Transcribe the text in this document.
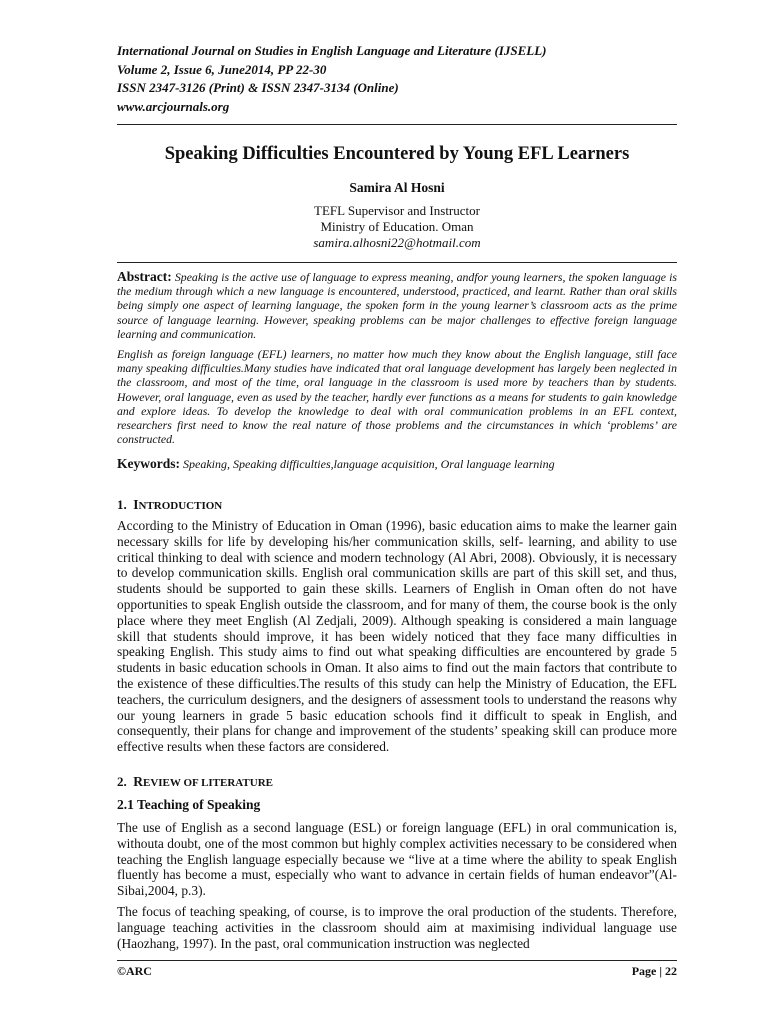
International Journal on Studies in English Language and Literature (IJSELL)
Volume 2, Issue 6, June2014, PP 22-30
ISSN 2347-3126 (Print) & ISSN 2347-3134 (Online)
www.arcjournals.org
Speaking Difficulties Encountered by Young EFL Learners
Samira Al Hosni
TEFL Supervisor and Instructor
Ministry of Education. Oman
samira.alhosni22@hotmail.com

Abstract: Speaking is the active use of language to express meaning, andfor young learners, the spoken language is the medium through which a new language is encountered, understood, practiced, and learnt. Rather than oral skills being simply one aspect of learning language, the spoken form in the young learner’s classroom acts as the prime source of language learning. However, speaking problems can be major challenges to effective foreign language learning and communication.

English as foreign language (EFL) learners, no matter how much they know about the English language, still face many speaking difficulties.Many studies have indicated that oral language development has largely been neglected in the classroom, and most of the time, oral language in the classroom is used more by teachers than by students. However, oral language, even as used by the teacher, hardly ever functions as a means for students to gain knowledge and explore ideas. To develop the knowledge to deal with oral communication problems in an EFL context, researchers first need to know the real nature of those problems and the circumstances in which ‘problems’ are constructed.

Keywords: Speaking, Speaking difficulties,language acquisition, Oral language learning
1. INTRODUCTION

According to the Ministry of Education in Oman (1996), basic education aims to make the learner gain necessary skills for life by developing his/her communication skills, self- learning, and ability to use critical thinking to deal with science and modern technology (Al Abri, 2008). Obviously, it is necessary to develop communication skills. English oral communication skills are part of this skill set, and thus, students should be supported to gain these skills. Learners of English in Oman often do not have opportunities to speak English outside the classroom, and for many of them, the course book is the only place where they meet English (Al Zedjali, 2009). Although speaking is considered a main language skill that students should improve, it has been widely noticed that they face many difficulties in speaking English. This study aims to find out what speaking difficulties are encountered by grade 5 students in basic education schools in Oman. It also aims to find out the main factors that contribute to the existence of these difficulties.The results of this study can help the Ministry of Education, the EFL teachers, the curriculum designers, and the designers of assessment tools to understand the reasons why our young learners in grade 5 basic education schools find it difficult to speak in English, and consequently, their plans for change and improvement of the students’ speaking skill can produce more effective results when these factors are considered.

2. REVIEW OF LITERATURE
2.1 Teaching of Speaking

The use of English as a second language (ESL) or foreign language (EFL) in oral communication is, withouta doubt, one of the most common but highly complex activities necessary to be considered when teaching the English language especially because we “live at a time where the ability to speak English fluently has become a must, especially who want to advance in certain fields of human endeavor”(Al-Sibai,2004, p.3).

The focus of teaching speaking, of course, is to improve the oral production of the students. Therefore, language teaching activities in the classroom should aim at maximising individual language use (Haozhang, 1997). In the past, oral communication instruction was neglected

©ARC	Page | 22
